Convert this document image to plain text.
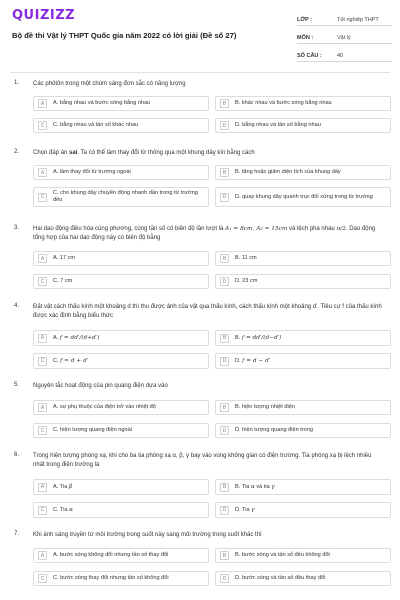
QUIZIZZ
Bộ đề thi Vật lý THPT Quốc gia năm 2022 có lời giải (Đề số 27)
LỚP :	Tốt nghiệp THPT
MÔN :	Vật lý
SỐ CÂU :	40
1. Các phôtôn trong một chùm sáng đơn sắc có năng lượng
A	A. bằng nhau và bước sóng bằng nhau	B	B. khác nhau và bước sóng bằng nhau
C	C. bằng nhau và tần số khác nhau	D	D. bằng nhau và tần số bằng nhau
2. Chọn đáp án sai. Ta có thể làm thay đổi từ thông qua một khung dây kín bằng cách
A	A. làm thay đổi từ trường ngoài	B	B. tăng hoặc giảm diện tích của khung dây
C
C. cho khung dây chuyển động nhanh dần trong từ trường đều	D	D. quay khung dây quanh trục đối xứng trong từ trường
3. Hai dao động điều hòa cùng phương, cùng tần số có biên độ lần lượt là A₁ = 8cm, A₂ = 15cm và lệch pha nhau π/2. Dao động tổng hợp của hai dao động này có biên độ bằng
A	A. 17 cm	B	B. 11 cm
C	C. 7 cm	D	D. 23 cm
4. Đặt vật cách thấu kính một khoảng d thì thu được ảnh của vật qua thấu kính, cách thấu kính một khoảng d'. Tiêu cự f của thấu kính được xác định bằng biểu thức
A	A. f = dd′/(d+d′)	B	B. f = dd′/(d−d′)
C	C. f = d + d′	D	D. f = d − d′
5. Nguyên tắc hoạt động của pin quang điện dựa vào
A	A. sự phụ thuộc của điện trở vào nhiệt độ	B	B. hiện tượng nhiệt điện
C	C. hiện tượng quang điện ngoài	D	D. hiện tượng quang điện trong
6. Trong hiện tượng phóng xạ, khi cho ba tia phóng xạ α, β, γ bay vào vùng không gian có điện trường. Tia phóng xạ bị lệch nhiều nhất trong điện trường là
A	A. Tia β	B	B. Tia α và tia γ
C	C. Tia α	D	D. Tia γ
7. Khi ánh sáng truyền từ môi trường trong suốt này sang môi trường trong suốt khác thì
A	A. bước sóng không đổi nhưng tần số thay đổi	B	B. bước sóng và tần số đều không đổi
C	C. bước sóng thay đổi nhưng tần số không đổi	D	D. bước sóng và tần số đều thay đổi
